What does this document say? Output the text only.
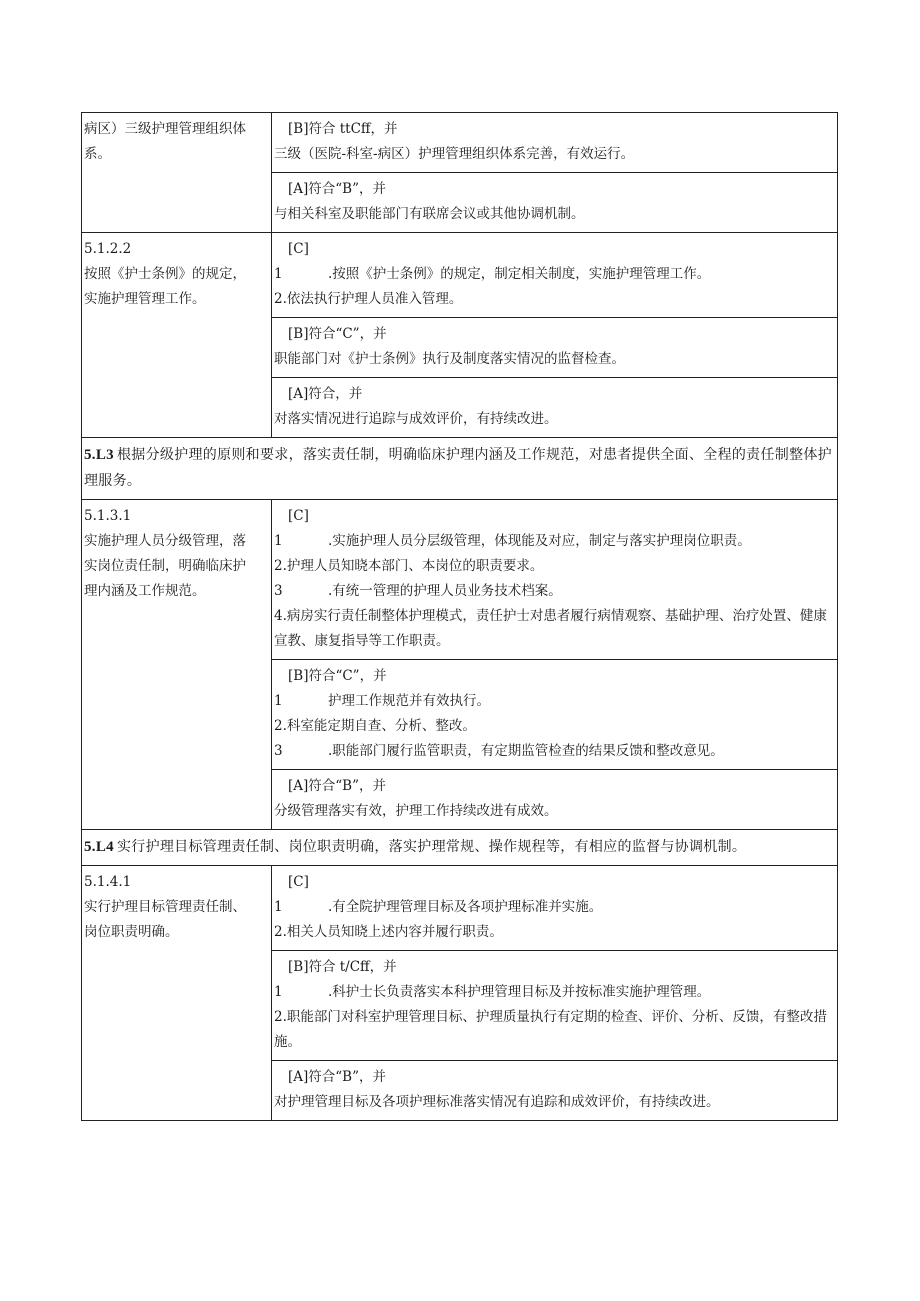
病区）三级护理管理组织体
系。
[B]符合 ttCff，并
三级（医院-科室-病区）护理管理组织体系完善，有效运行。
[A]符合“B”，并
与相关科室及职能部门有联席会议或其他协调机制。
5.1.2.2
按照《护士条例》的规定，
实施护理管理工作。
[C]
1	.按照《护士条例》的规定，制定相关制度，实施护理管理工作。
2.依法执行护理人员准入管理。
[B]符合“C”，并
职能部门对《护士条例》执行及制度落实情况的监督检查。
[A]符合，并
对落实情况进行追踪与成效评价，有持续改进。
5.L3 根据分级护理的原则和要求，落实责任制，明确临床护理内涵及工作规范，对患者提供全面、全程的责任制整体护理服务。
5.1.3.1
实施护理人员分级管理，落
实岗位责任制，明确临床护
理内涵及工作规范。
[C]
1	.实施护理人员分层级管理，体现能及对应，制定与落实护理岗位职责。
2.护理人员知晓本部门、本岗位的职责要求。
3	.有统一管理的护理人员业务技术档案。
4.病房实行责任制整体护理模式，责任护士对患者履行病情观察、基础护理、治疗处置、健康宣教、康复指导等工作职责。
[B]符合“C”，并
1	护理工作规范并有效执行。
2.科室能定期自查、分析、整改。
3	.职能部门履行监管职责，有定期监管检查的结果反馈和整改意见。
[A]符合“B”，并
分级管理落实有效，护理工作持续改进有成效。
5.L4 实行护理目标管理责任制、岗位职责明确，落实护理常规、操作规程等，有相应的监督与协调机制。
5.1.4.1
实行护理目标管理责任制、
岗位职责明确。
[C]
1	.有全院护理管理目标及各项护理标准并实施。
2.相关人员知晓上述内容并履行职责。
[B]符合 t/Cff，并
1	.科护士长负责落实本科护理管理目标及并按标准实施护理管理。
2.职能部门对科室护理管理目标、护理质量执行有定期的检查、评价、分析、反馈，有整改措施。
[A]符合“B”，并
对护理管理目标及各项护理标准落实情况有追踪和成效评价，有持续改进。
